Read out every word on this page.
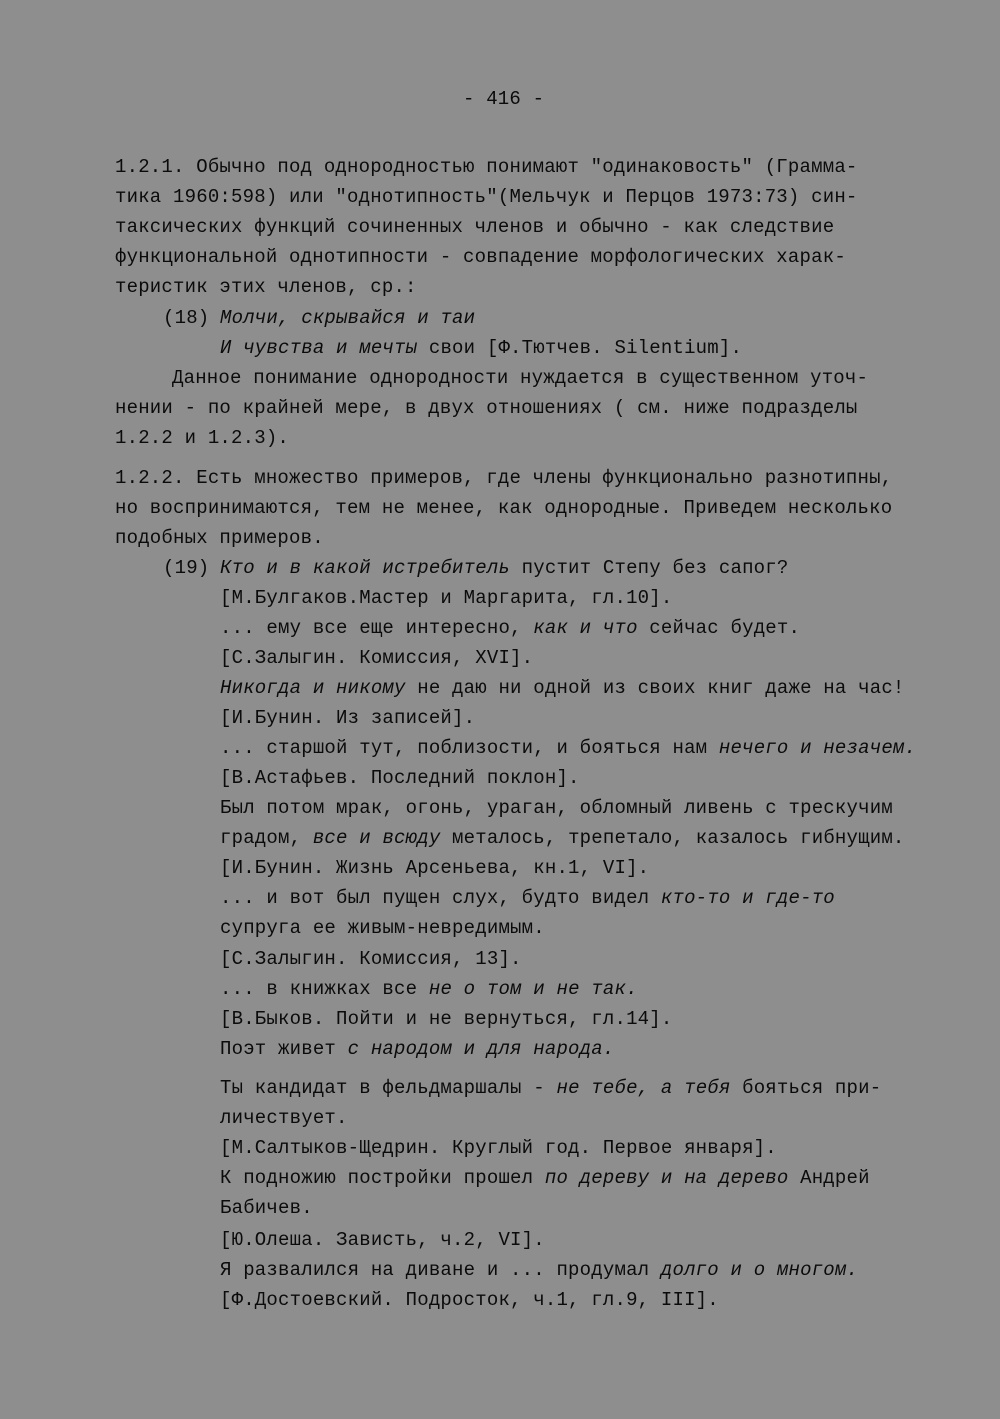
- 416 -
1.2.1. Обычно под однородностью понимают "одинаковость" (Грамма-
тика 1960:598) или "однотипность"(Мельчук и Перцов 1973:73) син-
таксических функций сочиненных членов и обычно - как следствие
функциональной однотипности - совпадение морфологических харак-
теристик этих членов, ср.:
(18) Молчи, скрывайся и таи
И чувства и мечты свои [Ф.Тютчев. Silentium].
Данное понимание однородности нуждается в существенном уточ-
нении - по крайней мере, в двух отношениях ( см. ниже подразделы
1.2.2 и 1.2.3).
1.2.2. Есть множество примеров, где члены функционально разнотипны,
но воспринимаются, тем не менее, как однородные. Приведем несколько
подобных примеров.
(19) Кто и в какой истребитель пустит Степу без сапог?
[М.Булгаков.Мастер и Маргарита, гл.10].
... ему все еще интересно, как и что сейчас будет.
[С.Залыгин. Комиссия, XVI].
Никогда и никому не даю ни одной из своих книг даже на час!
[И.Бунин. Из записей].
... старшой тут, поблизости, и бояться нам нечего и незачем.
[В.Астафьев. Последний поклон].
Был потом мрак, огонь, ураган, обломный ливень с трескучим
градом, все и всюду металось, трепетало, казалось гибнущим.
[И.Бунин. Жизнь Арсеньева, кн.1, VI].
... и вот был пущен слух, будто видел кто-то и где-то
супруга ее живым-невредимым.
[С.Залыгин. Комиссия, 13].
... в книжках все не о том и не так.
[В.Быков. Пойти и не вернуться, гл.14].
Поэт живет с народом и для народа.
Ты кандидат в фельдмаршалы - не тебе, а тебя бояться при-
личествует.
[М.Салтыков-Щедрин. Круглый год. Первое января].
К подножию постройки прошел по дереву и на дерево Андрей
Бабичев.
[Ю.Олеша. Зависть, ч.2, VI].
Я развалился на диване и ... продумал долго и о многом.
[Ф.Достоевский. Подросток, ч.1, гл.9, III].
